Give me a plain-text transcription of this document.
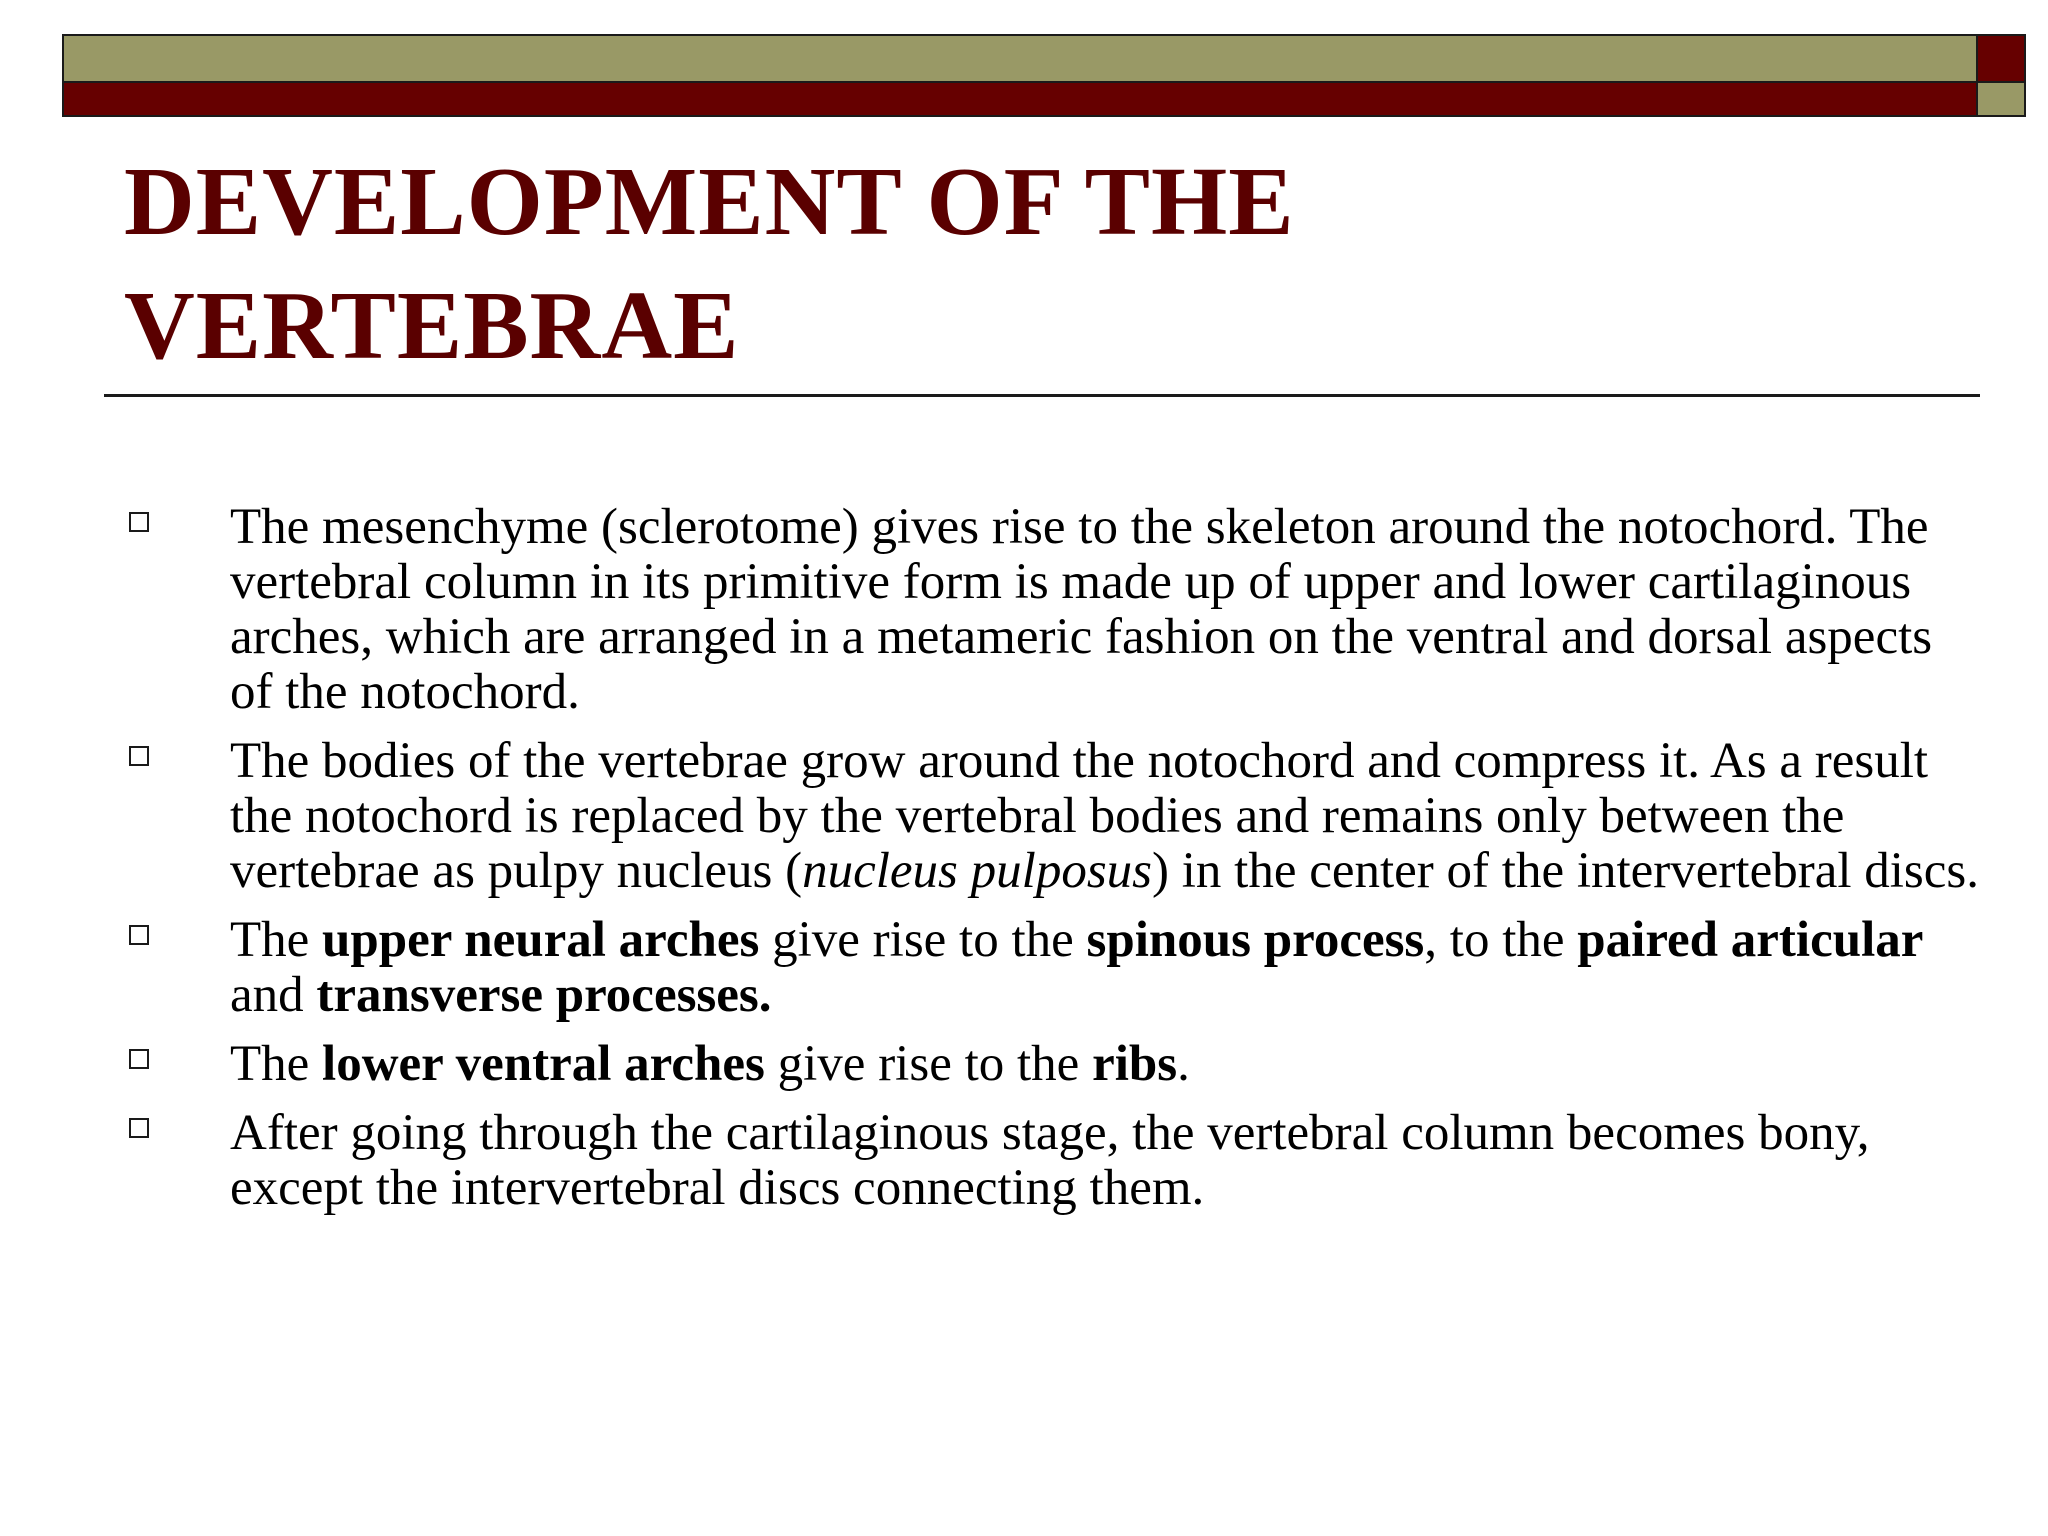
DEVELOPMENT OF THE
VERTEBRAE
The mesenchyme (sclerotome) gives rise to the skeleton around the notochord. The vertebral column in its primitive form is made up of upper and lower cartilaginous arches, which are arranged in a metameric fashion on the ventral and dorsal aspects of the notochord.
The bodies of the vertebrae grow around the notochord and compress it. As a result the notochord is replaced by the vertebral bodies and remains only between the vertebrae as pulpy nucleus (nucleus pulposus) in the center of the intervertebral discs.
The upper neural arches give rise to the spinous process, to the paired articular and transverse processes.
The lower ventral arches give rise to the ribs.
After going through the cartilaginous stage, the vertebral column becomes bony, except the intervertebral discs connecting them.
